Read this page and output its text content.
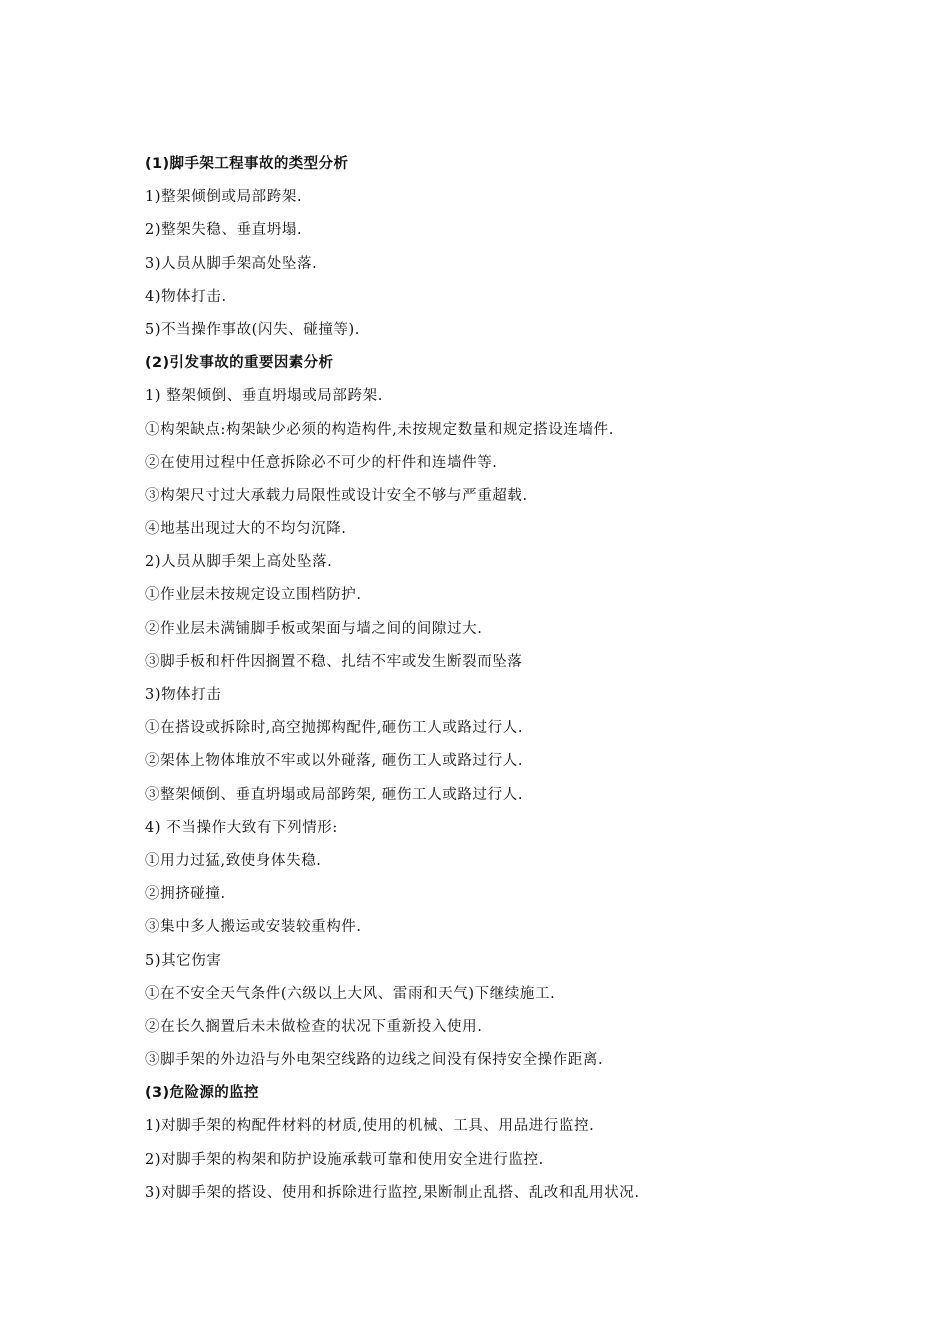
(1)脚手架工程事故的类型分析
1)整架倾倒或局部跨架.
2)整架失稳、垂直坍塌.
3)人员从脚手架高处坠落.
4)物体打击.
5)不当操作事故(闪失、碰撞等).
(2)引发事故的重要因素分析
1) 整架倾倒、垂直坍塌或局部跨架.
①构架缺点:构架缺少必须的构造构件,未按规定数量和规定搭设连墙件.
②在使用过程中任意拆除必不可少的杆件和连墙件等.
③构架尺寸过大承载力局限性或设计安全不够与严重超载.
④地基出现过大的不均匀沉降.
2)人员从脚手架上高处坠落.
①作业层未按规定设立围档防护.
②作业层未满铺脚手板或架面与墙之间的间隙过大.
③脚手板和杆件因搁置不稳、扎结不牢或发生断裂而坠落
3)物体打击
①在搭设或拆除时,高空抛掷构配件,砸伤工人或路过行人.
②架体上物体堆放不牢或以外碰落, 砸伤工人或路过行人.
③整架倾倒、垂直坍塌或局部跨架, 砸伤工人或路过行人.
4) 不当操作大致有下列情形:
①用力过猛,致使身体失稳.
②拥挤碰撞.
③集中多人搬运或安装较重构件.
5)其它伤害
①在不安全天气条件(六级以上大风、雷雨和天气)下继续施工.
②在长久搁置后未未做检查的状况下重新投入使用.
③脚手架的外边沿与外电架空线路的边线之间没有保持安全操作距离.
(3)危险源的监控
1)对脚手架的构配件材料的材质,使用的机械、工具、用品进行监控.
2)对脚手架的构架和防护设施承载可靠和使用安全进行监控.
3)对脚手架的搭设、使用和拆除进行监控,果断制止乱搭、乱改和乱用状况.
